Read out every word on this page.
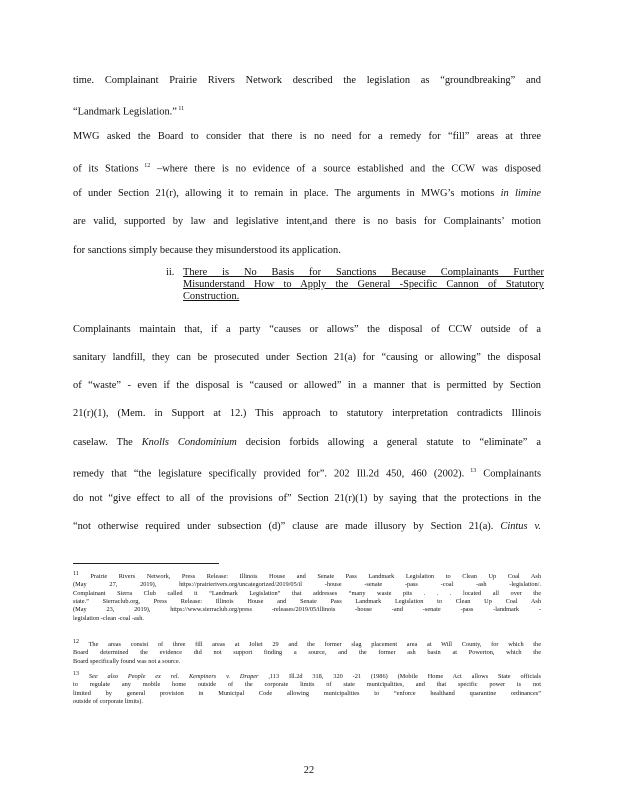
time. Complainant Prairie Rivers Network described the legislation as “groundbreaking” and
“Landmark Legislation.” $^{11}$
MWG asked the Board to consider that there is no need for a remedy for “fill” areas at three
of its Stations $^{12}$ –where there is no evidence of a source established and the CCW was disposed
of under Section 21(r), allowing it to remain in place. The arguments in MWG’s motions in limine
are valid, supported by law and legislative intent,and there is no basis for Complainants’ motion
for sanctions simply because they misunderstood its application.
Complainants maintain that, if a party “causes or allows” the disposal of CCW outside of a
sanitary landfill, they can be prosecuted under Section 21(a) for “causing or allowing” the disposal
of “waste” - even if the disposal is “caused or allowed” in a manner that is permitted by Section
21(r)(1), (Mem. in Support at 12.) This approach to statutory interpretation contradicts Illinois
caselaw. The Knolls Condominium decision forbids allowing a general statute to “eliminate” a
remedy that “the legislature specifically provided for”. 202 Ill.2d 450, 460 (2002). $^{13}$ Complainants
do not “give effect to all of the provisions of” Section 21(r)(1) by saying that the protections in the
“not otherwise required under subsection (d)” clause are made illusory by Section 21(a). Cintus v.
ii. There is No Basis for Sanctions Because Complainants Further
Misunderstand How to Apply the General -Specific Cannon of Statutory
Construction.
11 Prairie Rivers Network, Press Release: Illinois House and Senate Pass Landmark Legislation to Clean Up Coal Ash
(May 27, 2019), https://prairierivers.org/uncategorized/2019/05/il -house -senate -pass -coal -ash -legislation/.
Complainant Sierra Club called it “Landmark Legislation” that addresses “many waste pits . . . located all over the
state.” Sierraclub.org, Press Release: Illinois House and Senate Pass Landmark Legislation to Clean Up Coal Ash
(May 23, 2019), https://www.sierraclub.org/press -releases/2019/05/illinois -house -and -senate -pass -landmark -
legislation -clean -coal -ash.
12 The areas consist of three fill areas at Joliet 29 and the former slag placement area at Will County, for which the
Board determined the evidence did not support finding a source, and the former ash basin at Powerton, which the
Board specifically found was not a source.
13 See also People ex rel. Kempiners v. Draper ,113 Ill.2d 318, 320 -21 (1986) (Mobile Home Act allows State officials
to regulate any mobile home outside of the corporate limits of state municipalities, and that specific power is not
limited by general provision in Municipal Code allowing municipalities to “enforce healthand quarantine ordinances”
outside of corporate limits).
22
